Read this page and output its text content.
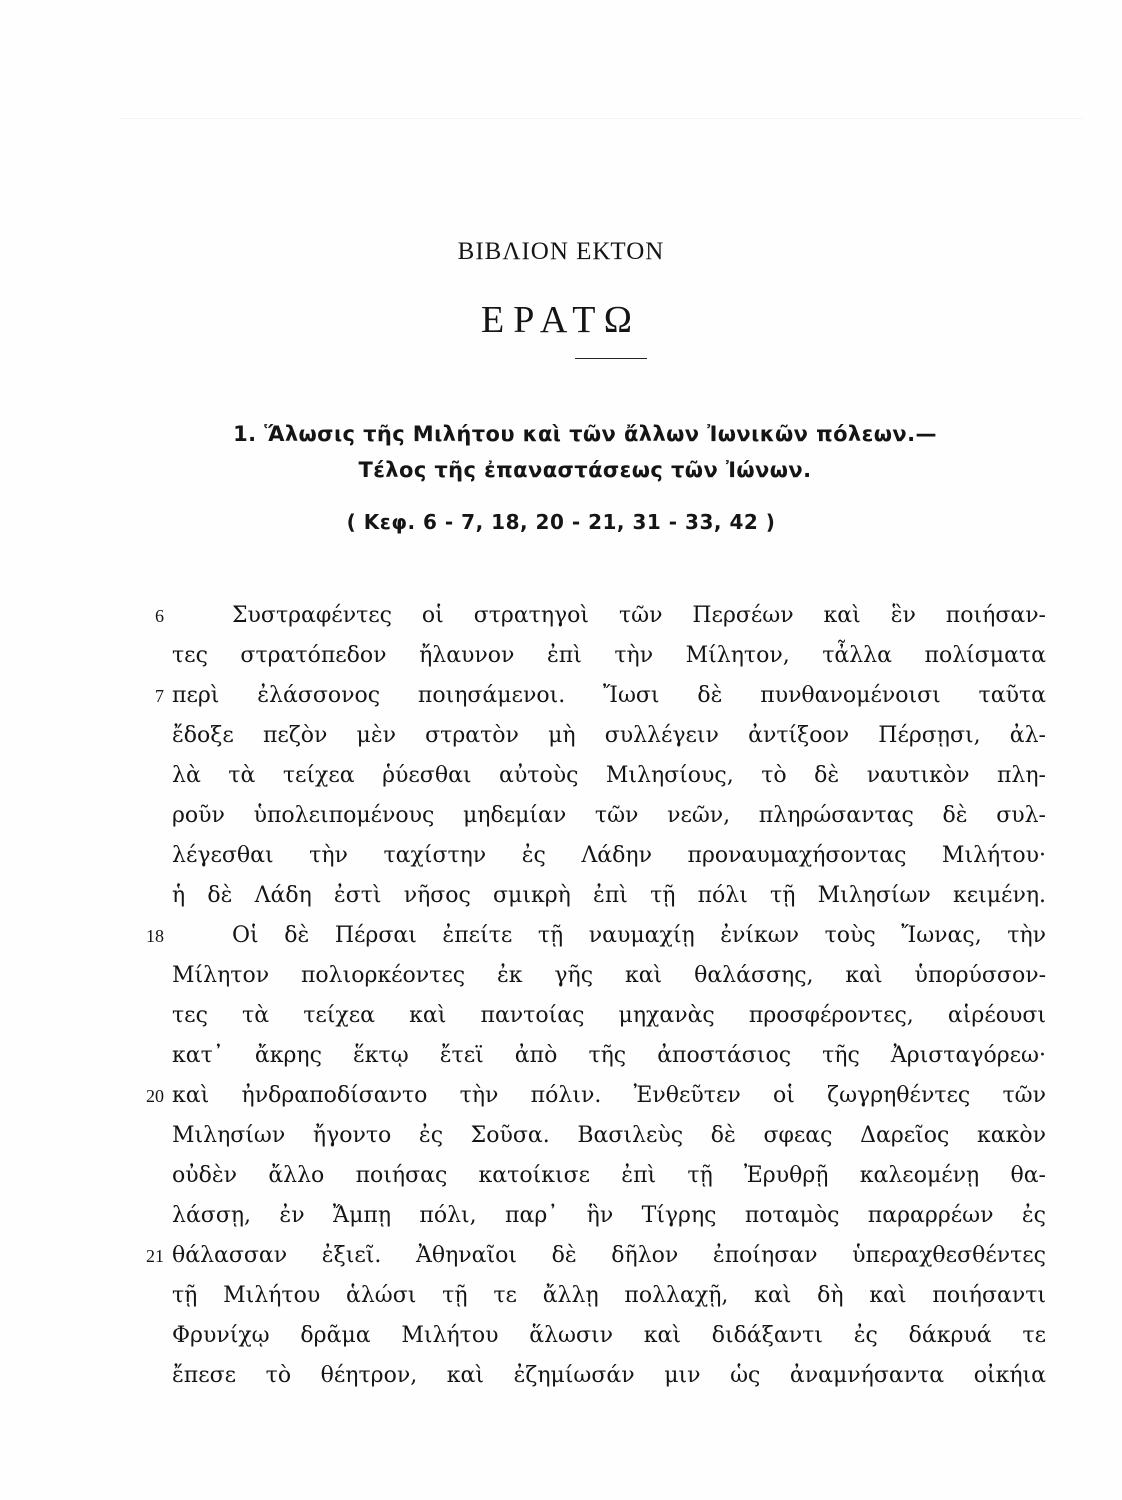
ΒΙΒΛΙΟΝ ΕΚΤΟΝ
ΕΡΑΤΩ
1. Ἅλωσις τῆς Μιλήτου καὶ τῶν ἄλλων Ἰωνικῶν πόλεων.—
Τέλος τῆς ἐπαναστάσεως τῶν Ἰώνων.
( Κεφ. 6 - 7, 18, 20 - 21, 31 - 33, 42 )
6
7
18
20
21
Συστραφέντες οἱ στρατηγοὶ τῶν Περσέων καὶ ἓν ποιήσαν-
τες στρατόπεδον ἤλαυνον ἐπὶ τὴν Μίλητον, τἆλλα πολίσματα
περὶ ἐλάσσονος ποιησάμενοι. Ἴωσι δὲ πυνθανομένοισι ταῦτα
ἔδοξε πεζὸν μὲν στρατὸν μὴ συλλέγειν ἀντίξοον Πέρσῃσι, ἀλ-
λὰ τὰ τείχεα ῥύεσθαι αὐτοὺς Μιλησίους, τὸ δὲ ναυτικὸν πλη-
ροῦν ὑπολειπομένους μηδεμίαν τῶν νεῶν, πληρώσαντας δὲ συλ-
λέγεσθαι τὴν ταχίστην ἐς Λάδην προναυμαχήσοντας Μιλήτου·
ἡ δὲ Λάδη ἐστὶ νῆσος σμικρὴ ἐπὶ τῇ πόλι τῇ Μιλησίων κειμένη.
Οἱ δὲ Πέρσαι ἐπείτε τῇ ναυμαχίῃ ἐνίκων τοὺς Ἴωνας, τὴν
Μίλητον πολιορκέοντες ἐκ γῆς καὶ θαλάσσης, καὶ ὑπορύσσον-
τες τὰ τείχεα καὶ παντοίας μηχανὰς προσφέροντες, αἱρέουσι
κατ᾽ ἄκρης ἕκτῳ ἔτεϊ ἀπὸ τῆς ἀποστάσιος τῆς Ἀρισταγόρεω·
καὶ ἠνδραποδίσαντο τὴν πόλιν. Ἐνθεῦτεν οἱ ζωγρηθέντες τῶν
Μιλησίων ἤγοντο ἐς Σοῦσα. Βασιλεὺς δὲ σφεας Δαρεῖος κακὸν
οὐδὲν ἄλλο ποιήσας κατοίκισε ἐπὶ τῇ Ἐρυθρῇ καλεομένῃ θα-
λάσσῃ, ἐν Ἄμπῃ πόλι, παρ᾽ ἣν Τίγρης ποταμὸς παραρρέων ἐς
θάλασσαν ἐξιεῖ. Ἀθηναῖοι δὲ δῆλον ἐποίησαν ὑπεραχθεσθέντες
τῇ Μιλήτου ἁλώσι τῇ τε ἄλλῃ πολλαχῇ, καὶ δὴ καὶ ποιήσαντι
Φρυνίχῳ δρᾶμα Μιλήτου ἅλωσιν καὶ διδάξαντι ἐς δάκρυά τε
ἔπεσε τὸ θέητρον, καὶ ἐζημίωσάν μιν ὡς ἀναμνήσαντα οἰκήια
